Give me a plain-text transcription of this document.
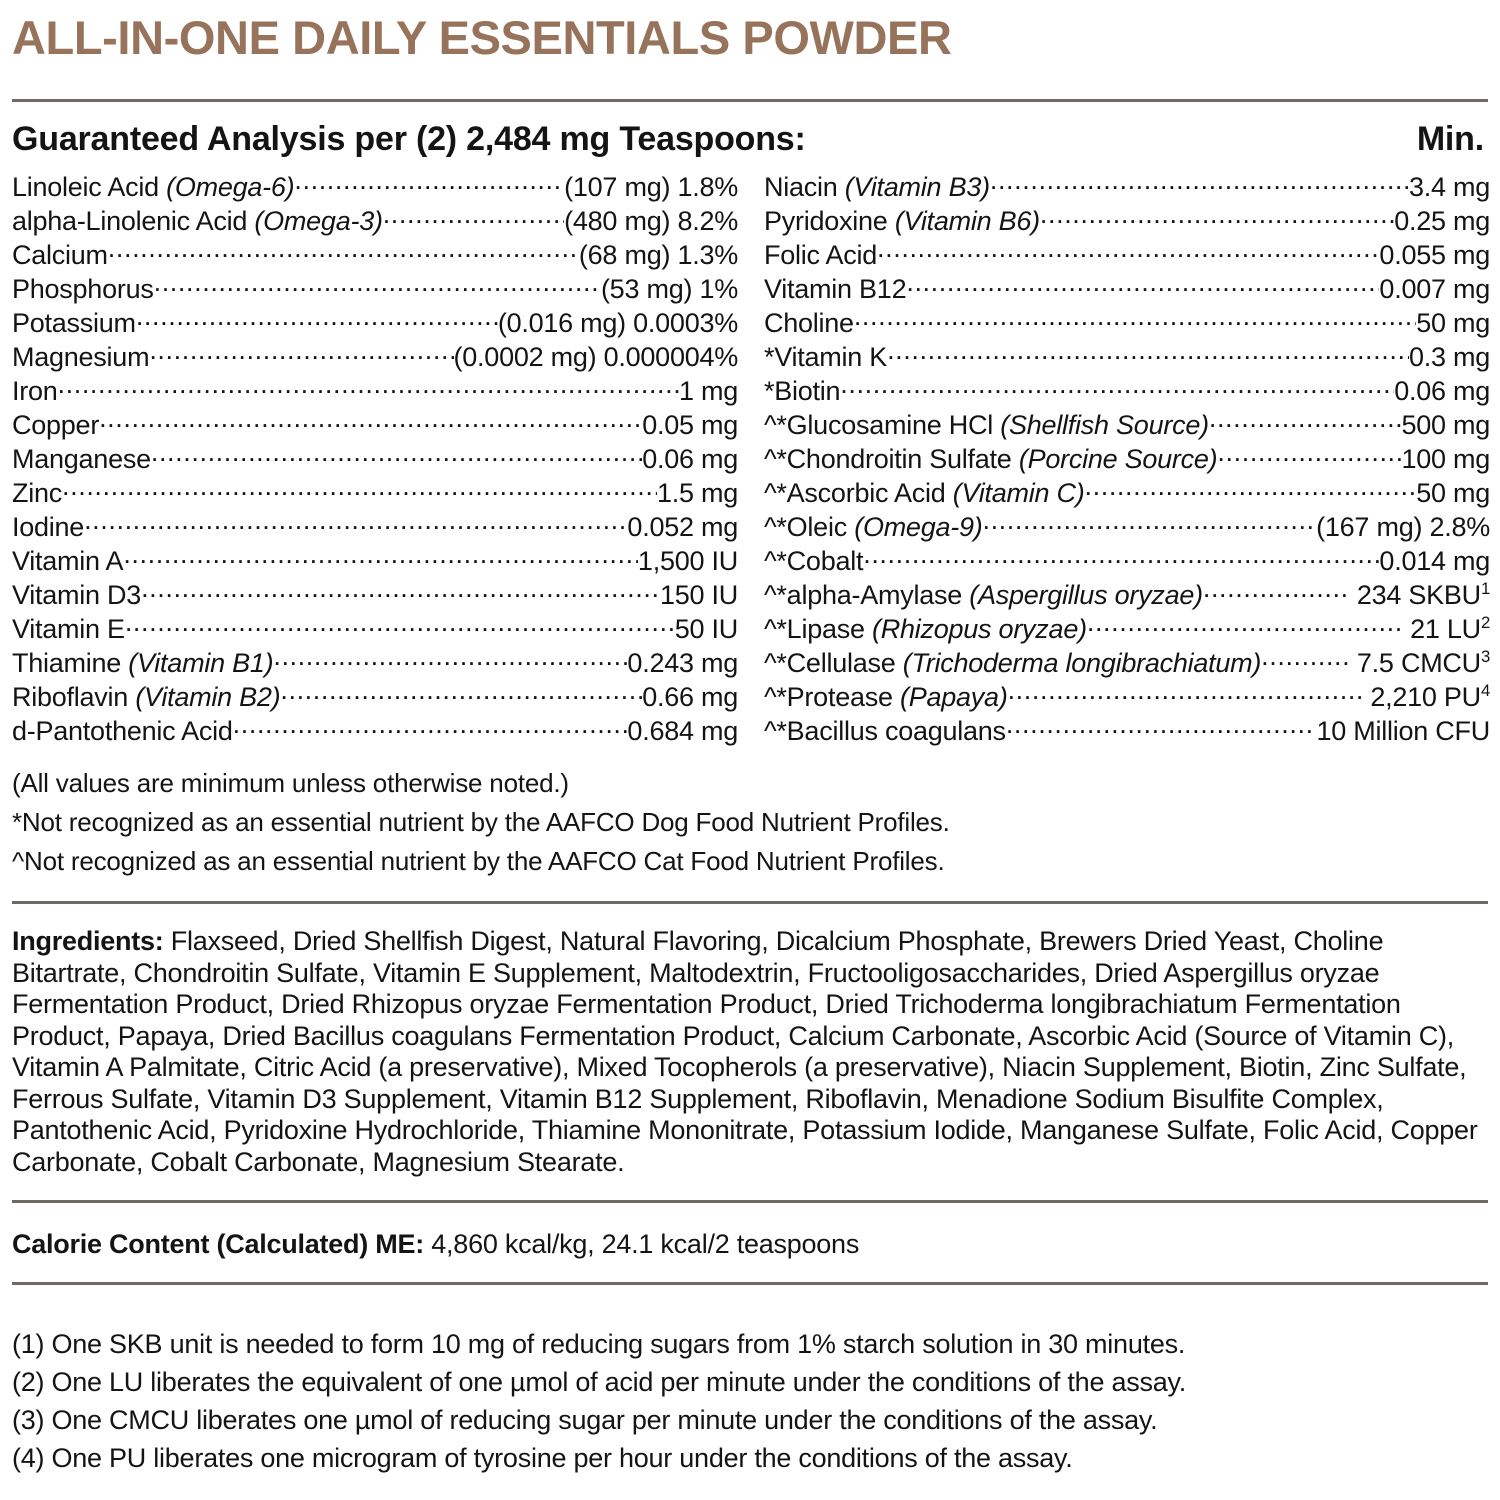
ALL-IN-ONE DAILY ESSENTIALS POWDER
Guaranteed Analysis per (2) 2,484 mg Teaspoons:	Min.
Linoleic Acid (Omega-6) .....	(107 mg) 1.8%
alpha-Linolenic Acid (Omega-3) .....	(480 mg) 8.2%
Calcium .....	(68 mg) 1.3%
Phosphorus .....	(53 mg) 1%
Potassium .....	(0.016 mg) 0.0003%
Magnesium .....	(0.0002 mg) 0.000004%
Iron .....	1 mg
Copper .....	0.05 mg
Manganese .....	0.06 mg
Zinc .....	1.5 mg
Iodine .....	0.052 mg
Vitamin A .....	1,500 IU
Vitamin D3 .....	150 IU
Vitamin E .....	50 IU
Thiamine (Vitamin B1) .....	0.243 mg
Riboflavin (Vitamin B2) .....	0.66 mg
d-Pantothenic Acid .....	0.684 mg
Niacin (Vitamin B3) .....	3.4 mg
Pyridoxine (Vitamin B6) .....	0.25 mg
Folic Acid .....	0.055 mg
Vitamin B12 .....	0.007 mg
Choline .....	50 mg
*Vitamin K .....	0.3 mg
*Biotin .....	0.06 mg
^*Glucosamine HCl (Shellfish Source) .....	500 mg
^*Chondroitin Sulfate (Porcine Source) .....	100 mg
^*Ascorbic Acid (Vitamin C) .....	50 mg
^*Oleic (Omega-9) .....	(167 mg) 2.8%
^*Cobalt .....	0.014 mg
^*alpha-Amylase (Aspergillus oryzae) .....	234 SKBU$^1$
^*Lipase (Rhizopus oryzae) .....	21 $LU^2$
^*Cellulase (Trichoderma longibrachiatum) .....	7.5 CMCU$^3$
^*Protease (Papaya) .....	2,210 $PU^4$
^*Bacillus coagulans .....	10 Million CFU
(All values are minimum unless otherwise noted.)
*Not recognized as an essential nutrient by the AAFCO Dog Food Nutrient Profiles.
^Not recognized as an essential nutrient by the AAFCO Cat Food Nutrient Profiles.
Ingredients: Flaxseed, Dried Shellfish Digest, Natural Flavoring, Dicalcium Phosphate, Brewers Dried Yeast, Choline Bitartrate, Chondroitin Sulfate, Vitamin E Supplement, Maltodextrin, Fructooligosaccharides, Dried Aspergillus oryzae Fermentation Product, Dried Rhizopus oryzae Fermentation Product, Dried Trichoderma longibrachiatum Fermentation Product, Papaya, Dried Bacillus coagulans Fermentation Product, Calcium Carbonate, Ascorbic Acid (Source of Vitamin C), Vitamin A Palmitate, Citric Acid (a preservative), Mixed Tocopherols (a preservative), Niacin Supplement, Biotin, Zinc Sulfate, Ferrous Sulfate, Vitamin D3 Supplement, Vitamin B12 Supplement, Riboflavin, Menadione Sodium Bisulfite Complex, Pantothenic Acid, Pyridoxine Hydrochloride, Thiamine Mononitrate, Potassium Iodide, Manganese Sulfate, Folic Acid, Copper Carbonate, Cobalt Carbonate, Magnesium Stearate.
Calorie Content (Calculated) ME: 4,860 kcal/kg, 24.1 kcal/2 teaspoons
(1) One SKB unit is needed to form 10 mg of reducing sugars from 1% starch solution in 30 minutes.
(2) One LU liberates the equivalent of one µmol of acid per minute under the conditions of the assay.
(3) One CMCU liberates one µmol of reducing sugar per minute under the conditions of the assay.
(4) One PU liberates one microgram of tyrosine per hour under the conditions of the assay.
